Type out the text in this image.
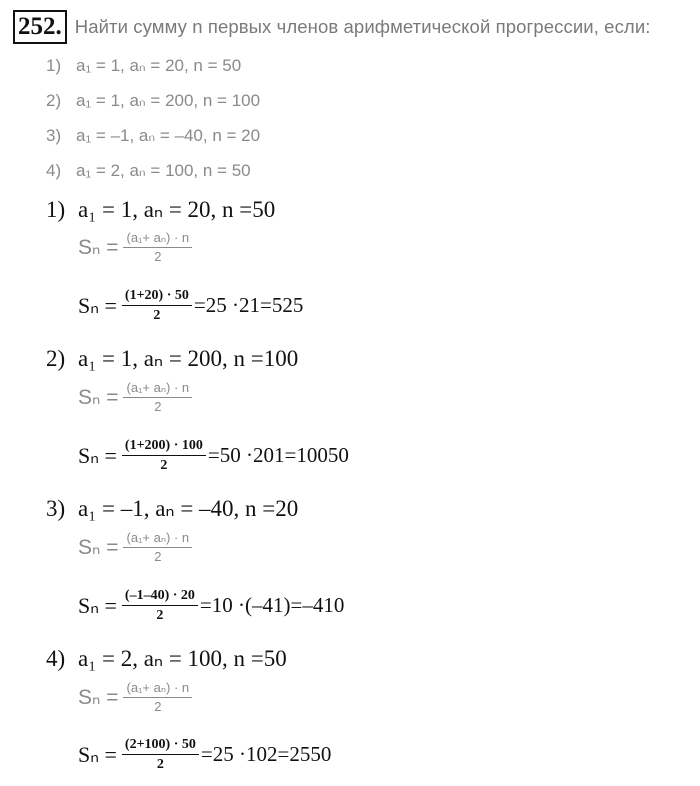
252. Найти сумму n первых членов арифметической прогрессии, если:
1) a₁ = 1, aₙ = 20, n = 50
2) a₁ = 1, aₙ = 200, n = 100
3) a₁ = –1, aₙ = –40, n = 20
4) a₁ = 2, aₙ = 100, n = 50
1) a₁ = 1, aₙ = 20, n =50
$S_n = \frac{\text{(a₁+ aₙ) · n}}{2}$
$S_n = \frac{(1+20) \cdot 50}{2} =25 \cdot 21=525$
2) a₁ = 1, aₙ = 200, n =100
$S_n = \frac{\text{(a₁+ aₙ) · n}}{2}$
$S_n = \frac{(1+200) \cdot 100}{2} =50 \cdot 201=10050$
3) a₁ = –1, aₙ = –40, n =20
$S_n = \frac{\text{(a₁+ aₙ) · n}}{2}$
$S_n = \frac{(-1-40) \cdot 20}{2} =10 \cdot(-41)=-410$
4) a₁ = 2, aₙ = 100, n =50
$S_n = \frac{\text{(a₁+ aₙ) · n}}{2}$
$S_n = \frac{(2+100) \cdot 50}{2} =25 \cdot 102=2550$
